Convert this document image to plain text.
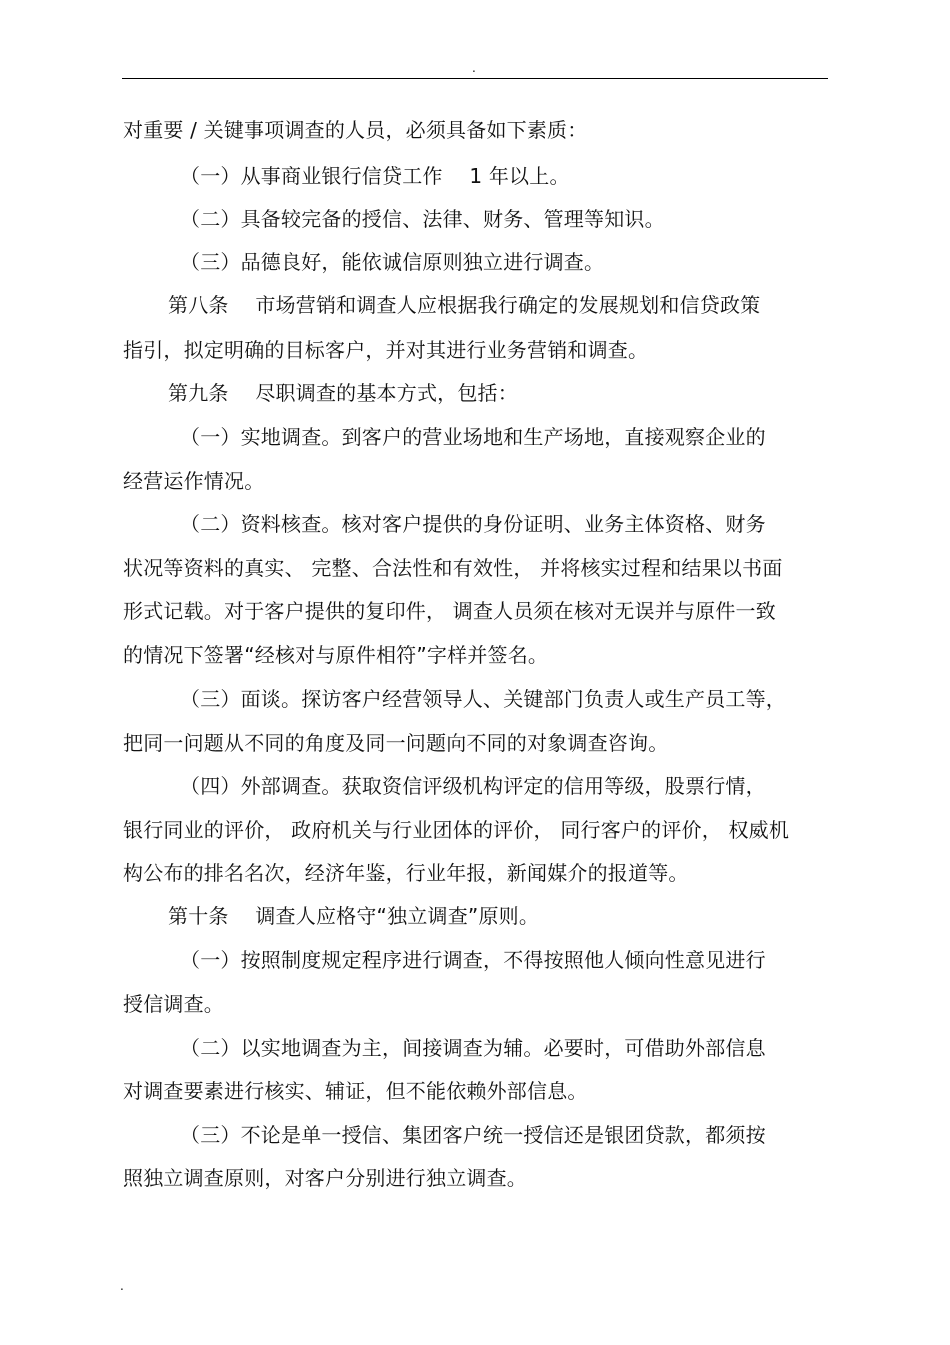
.
对重要 / 关键事项调查的人员，必须具备如下素质：
（一）从事商业银行信贷工作　 1 年以上。
（二）具备较完备的授信、法律、财务、管理等知识。
（三）品德良好，能依诚信原则独立进行调查。
第八条　 市场营销和调查人应根据我行确定的发展规划和信贷政策
指引，拟定明确的目标客户，并对其进行业务营销和调查。
第九条　 尽职调查的基本方式，包括：
（一）实地调查。到客户的营业场地和生产场地，直接观察企业的
经营运作情况。
（二）资料核查。核对客户提供的身份证明、业务主体资格、财务
状况等资料的真实、 完整、合法性和有效性， 并将核实过程和结果以书面
形式记载。对于客户提供的复印件， 调查人员须在核对无误并与原件一致
的情况下签署“经核对与原件相符”字样并签名。
（三）面谈。探访客户经营领导人、关键部门负责人或生产员工等，
把同一问题从不同的角度及同一问题向不同的对象调查咨询。
（四）外部调查。获取资信评级机构评定的信用等级，股票行情，
银行同业的评价， 政府机关与行业团体的评价， 同行客户的评价， 权威机
构公布的排名名次，经济年鉴，行业年报，新闻媒介的报道等。
第十条　 调查人应格守“独立调查”原则。
（一）按照制度规定程序进行调查，不得按照他人倾向性意见进行
授信调查。
（二）以实地调查为主，间接调查为辅。必要时，可借助外部信息
对调查要素进行核实、辅证，但不能依赖外部信息。
（三）不论是单一授信、集团客户统一授信还是银团贷款，都须按
照独立调查原则，对客户分别进行独立调查。
.
